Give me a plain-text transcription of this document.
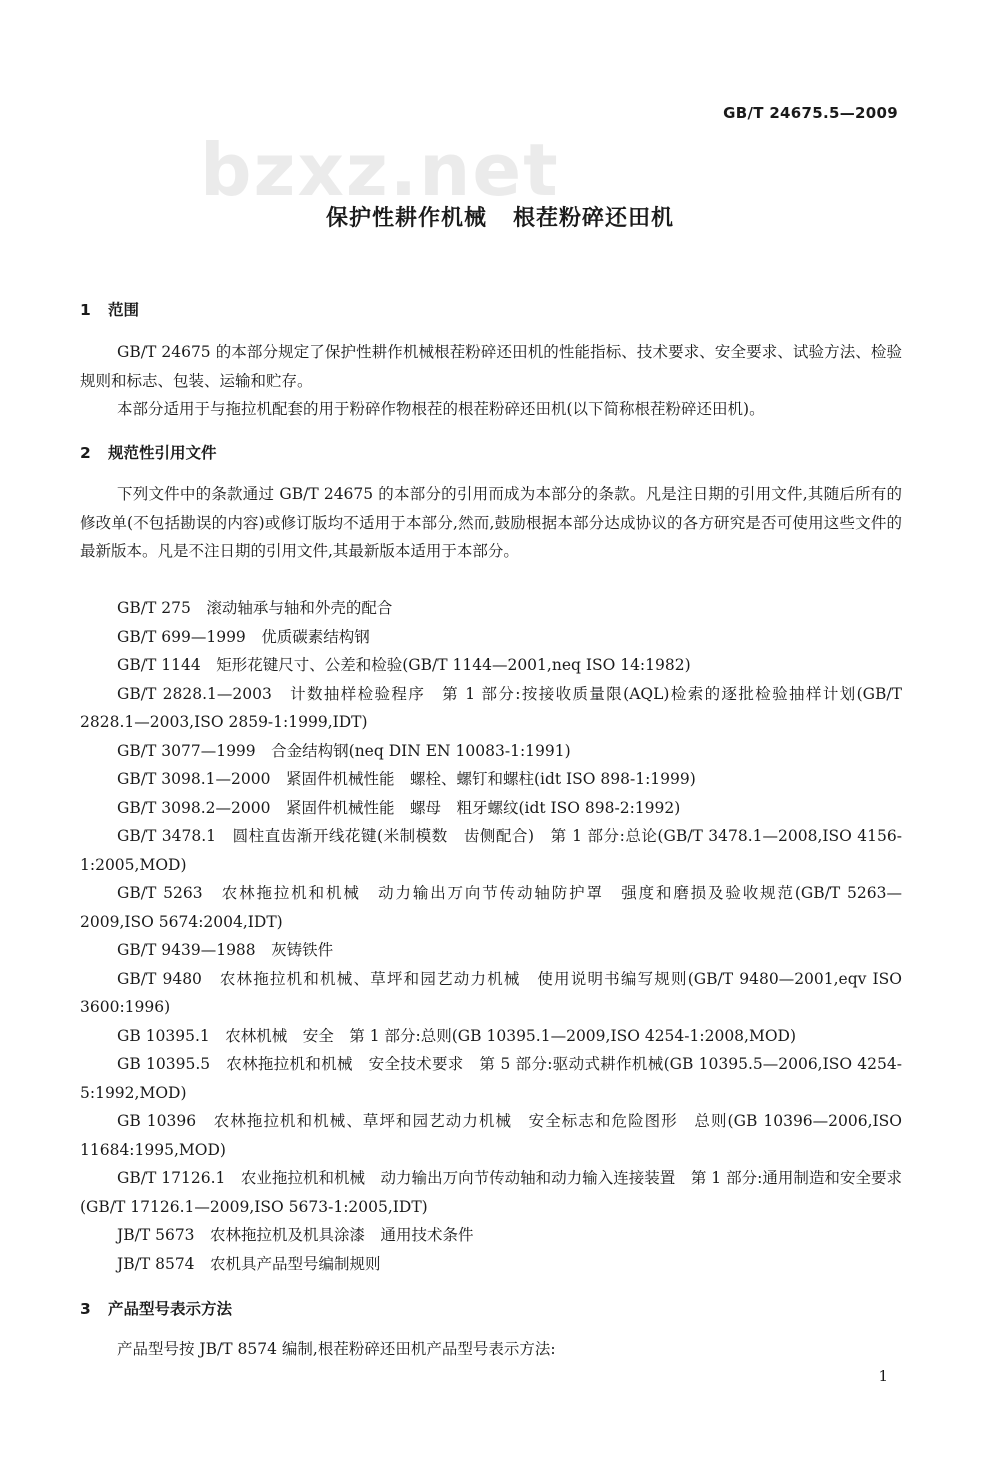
bzxz.net
GB/T 24675.5—2009
保护性耕作机械 根茬粉碎还田机
1 范围
GB/T 24675 的本部分规定了保护性耕作机械根茬粉碎还田机的性能指标、技术要求、安全要求、试验方法、检验规则和标志、包装、运输和贮存。
本部分适用于与拖拉机配套的用于粉碎作物根茬的根茬粉碎还田机(以下简称根茬粉碎还田机)。
2 规范性引用文件
下列文件中的条款通过 GB/T 24675 的本部分的引用而成为本部分的条款。凡是注日期的引用文件,其随后所有的修改单(不包括勘误的内容)或修订版均不适用于本部分,然而,鼓励根据本部分达成协议的各方研究是否可使用这些文件的最新版本。凡是不注日期的引用文件,其最新版本适用于本部分。

GB/T 275　滚动轴承与轴和外壳的配合

GB/T 699—1999　优质碳素结构钢

GB/T 1144　矩形花键尺寸、公差和检验(GB/T 1144—2001,neq ISO 14:1982)

GB/T 2828.1—2003　计数抽样检验程序　第 1 部分:按接收质量限(AQL)检索的逐批检验抽样计划(GB/T 2828.1—2003,ISO 2859-1:1999,IDT)

GB/T 3077—1999　合金结构钢(neq DIN EN 10083-1:1991)

GB/T 3098.1—2000　紧固件机械性能　螺栓、螺钉和螺柱(idt ISO 898-1:1999)

GB/T 3098.2—2000　紧固件机械性能　螺母　粗牙螺纹(idt ISO 898-2:1992)

GB/T 3478.1　圆柱直齿渐开线花键(米制模数　齿侧配合)　第 1 部分:总论(GB/T 3478.1—2008,ISO 4156-1:2005,MOD)

GB/T 5263　农林拖拉机和机械　动力输出万向节传动轴防护罩　强度和磨损及验收规范(GB/T 5263—2009,ISO 5674:2004,IDT)

GB/T 9439—1988　灰铸铁件

GB/T 9480　农林拖拉机和机械、草坪和园艺动力机械　使用说明书编写规则(GB/T 9480—2001,eqv ISO 3600:1996)

GB 10395.1　农林机械　安全　第 1 部分:总则(GB 10395.1—2009,ISO 4254-1:2008,MOD)

GB 10395.5　农林拖拉机和机械　安全技术要求　第 5 部分:驱动式耕作机械(GB 10395.5—2006,ISO 4254-5:1992,MOD)

GB 10396　农林拖拉机和机械、草坪和园艺动力机械　安全标志和危险图形　总则(GB 10396—2006,ISO 11684:1995,MOD)

GB/T 17126.1　农业拖拉机和机械　动力输出万向节传动轴和动力输入连接装置　第 1 部分:通用制造和安全要求(GB/T 17126.1—2009,ISO 5673-1:2005,IDT)

JB/T 5673　农林拖拉机及机具涂漆　通用技术条件

JB/T 8574　农机具产品型号编制规则

3 产品型号表示方法
产品型号按 JB/T 8574 编制,根茬粉碎还田机产品型号表示方法:
1
